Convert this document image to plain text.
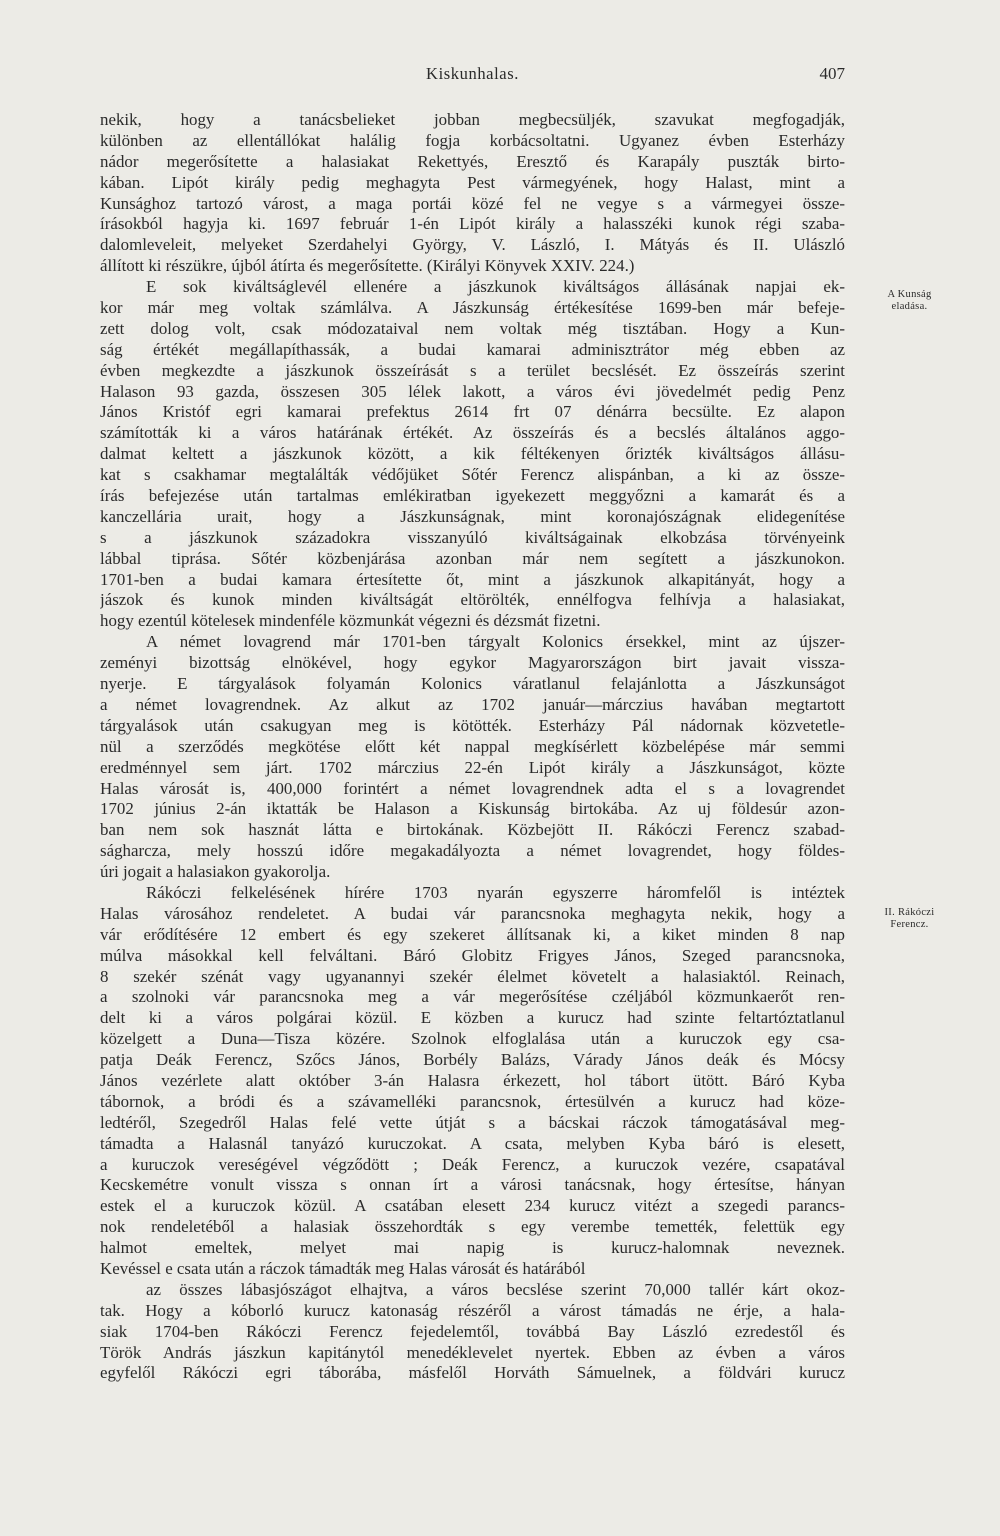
Kiskunhalas.	407
A Kunság
eladása.
II. Rákóczi
Ferencz.
nekik, hogy a tanácsbelieket jobban megbecsüljék, szavukat megfogadják,
különben az ellentállókat halálig fogja korbácsoltatni. Ugyanez évben Esterházy
nádor megerősítette a halasiakat Rekettyés, Eresztő és Karapály puszták birto-
kában. Lipót király pedig meghagyta Pest vármegyének, hogy Halast, mint a
Kunsághoz tartozó várost, a maga portái közé fel ne vegye s a vármegyei össze-
írásokból hagyja ki. 1697 február 1-én Lipót király a halasszéki kunok régi szaba-
dalomleveleit, melyeket Szerdahelyi György, V. László, I. Mátyás és II. Ulászló
állított ki részükre, újból átírta és megerősítette. (Királyi Könyvek XXIV. 224.)
E sok kiváltságlevél ellenére a jászkunok kiváltságos állásának napjai ek-
kor már meg voltak számlálva. A Jászkunság értékesítése 1699-ben már befeje-
zett dolog volt, csak módozataival nem voltak még tisztában. Hogy a Kun-
ság értékét megállapíthassák, a budai kamarai adminisztrátor még ebben az
évben megkezdte a jászkunok összeírását s a terület becslését. Ez összeírás szerint
Halason 93 gazda, összesen 305 lélek lakott, a város évi jövedelmét pedig Penz
János Kristóf egri kamarai prefektus 2614 frt 07 dénárra becsülte. Ez alapon
számították ki a város határának értékét. Az összeírás és a becslés általános aggo-
dalmat keltett a jászkunok között, a kik féltékenyen őrizték kiváltságos állásu-
kat s csakhamar megtalálták védőjüket Sőtér Ferencz alispánban, a ki az össze-
írás befejezése után tartalmas emlékiratban igyekezett meggyőzni a kamarát és a
kanczellária urait, hogy a Jászkunságnak, mint koronajószágnak elidegenítése
s a jászkunok századokra visszanyúló kiváltságainak elkobzása törvényeink
lábbal tiprása. Sőtér közbenjárása azonban már nem segített a jászkunokon.
1701-ben a budai kamara értesítette őt, mint a jászkunok alkapitányát, hogy a
jászok és kunok minden kiváltságát eltörölték, ennélfogva felhívja a halasiakat,
hogy ezentúl kötelesek mindenféle közmunkát végezni és dézsmát fizetni.
A német lovagrend már 1701-ben tárgyalt Kolonics érsekkel, mint az újszer-
zeményi bizottság elnökével, hogy egykor Magyarországon birt javait vissza-
nyerje. E tárgyalások folyamán Kolonics váratlanul felajánlotta a Jászkunságot
a német lovagrendnek. Az alkut az 1702 január—márczius havában megtartott
tárgyalások után csakugyan meg is kötötték. Esterházy Pál nádornak közvetetle-
nül a szerződés megkötése előtt két nappal megkísérlett közbelépése már semmi
eredménnyel sem járt. 1702 márczius 22-én Lipót király a Jászkunságot, közte
Halas városát is, 400,000 forintért a német lovagrendnek adta el s a lovagrendet
1702 június 2-án iktatták be Halason a Kiskunság birtokába. Az uj földesúr azon-
ban nem sok hasznát látta e birtokának. Közbejött II. Rákóczi Ferencz szabad-
ságharcza, mely hosszú időre megakadályozta a német lovagrendet, hogy földes-
úri jogait a halasiakon gyakorolja.
Rákóczi felkelésének hírére 1703 nyarán egyszerre háromfelől is intéztek
Halas városához rendeletet. A budai vár parancsnoka meghagyta nekik, hogy a
vár erődítésére 12 embert és egy szekeret állítsanak ki, a kiket minden 8 nap
múlva másokkal kell felváltani. Báró Globitz Frigyes János, Szeged parancsnoka,
8 szekér szénát vagy ugyanannyi szekér élelmet követelt a halasiaktól. Reinach,
a szolnoki vár parancsnoka meg a vár megerősítése czéljából közmunkaerőt ren-
delt ki a város polgárai közül. E közben a kurucz had szinte feltartóztatlanul
közelgett a Duna—Tisza közére. Szolnok elfoglalása után a kuruczok egy csa-
patja Deák Ferencz, Szőcs János, Borbély Balázs, Várady János deák és Mócsy
János vezérlete alatt október 3-án Halasra érkezett, hol tábort ütött. Báró Kyba
tábornok, a bródi és a szávamelléki parancsnok, értesülvén a kurucz had köze-
ledtéről, Szegedről Halas felé vette útját s a bácskai ráczok támogatásával meg-
támadta a Halasnál tanyázó kuruczokat. A csata, melyben Kyba báró is elesett,
a kuruczok vereségével végződött ; Deák Ferencz, a kuruczok vezére, csapatával
Kecskemétre vonult vissza s onnan írt a városi tanácsnak, hogy értesítse, hányan
estek el a kuruczok közül. A csatában elesett 234 kurucz vitézt a szegedi parancs-
nok rendeletéből a halasiak összehordták s egy verembe temették, felettük egy
halmot emeltek, melyet mai napig is kurucz-halomnak neveznek.
Kevéssel e csata után a ráczok támadták meg Halas városát és határából
az összes lábasjószágot elhajtva, a város becslése szerint 70,000 tallér kárt okoz-
tak. Hogy a kóborló kurucz katonaság részéről a várost támadás ne érje, a hala-
siak 1704-ben Rákóczi Ferencz fejedelemtől, továbbá Bay László ezredestől és
Török András jászkun kapitánytól menedéklevelet nyertek. Ebben az évben a város
egyfelől Rákóczi egri táborába, másfelől Horváth Sámuelnek, a földvári kurucz
